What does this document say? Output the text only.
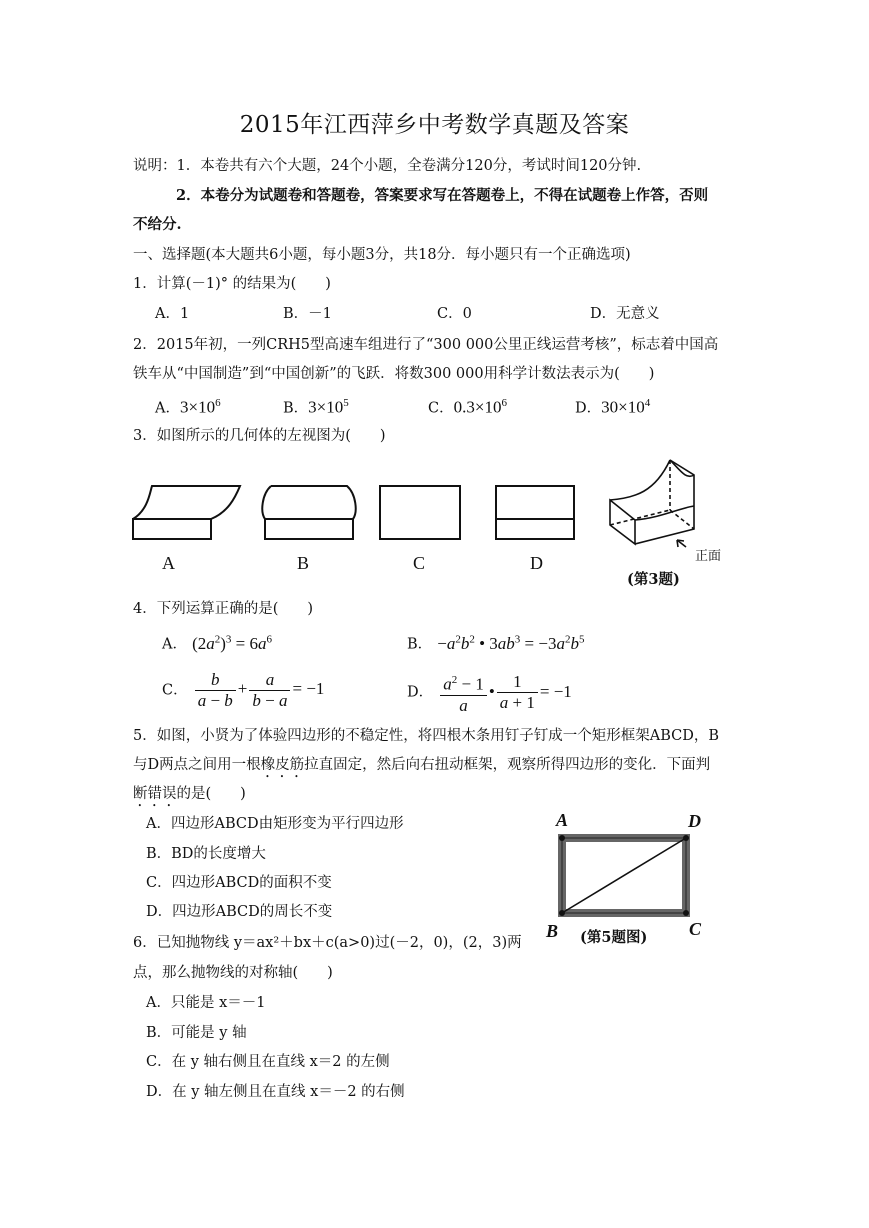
2015年江西萍乡中考数学真题及答案
说明：1．本卷共有六个大题，24个小题，全卷满分120分，考试时间120分钟.
2．本卷分为试题卷和答题卷，答案要求写在答题卷上，不得在试题卷上作答，否则
不给分.
一、选择题(本大题共6小题，每小题3分，共18分．每小题只有一个正确选项)
1．计算(－1)° 的结果为(　　)
A．1	B．－1	C．0	D．无意义
2．2015年初，一列CRH5型高速车组进行了“300 000公里正线运营考核”，标志着中国高
铁车从“中国制造”到“中国创新”的飞跃．将数300 000用科学计数法表示为(　　)
A．$3\times 10^6$	B．$3\times 10^5$	C．$0.3\times 10^6$	D．$30\times 10^4$
3．如图所示的几何体的左视图为(　　)
A	B	C	D	正面
(第3题)
4．下列运算正确的是(　　)
A． $(2a^2)^3 = 6a^6$	B． $-a^2b^2$ • $3ab^3 = -3a^2b^5$
C． $\frac{b}{a - b} + \frac{a}{b - a} = -1$	D． $\frac{a^2 - 1}{a}$ • $\frac{1}{a + 1} = -1$
5．如图，小贤为了体验四边形的不稳定性，将四根木条用钉子钉成一个矩形框架ABCD，B
与D两点之间用一根橡皮筋拉直固定，然后向右扭动框架，观察所得四边形的变化．下面判
断错误的是(　　)
A．四边形ABCD由矩形变为平行四边形
B．BD的长度增大
C．四边形ABCD的面积不变
D．四边形ABCD的周长不变
A	D
B	C
(第5题图)
6．已知抛物线 y＝ax²＋bx＋c(a>0)过(－2，0)，(2，3)两
点，那么抛物线的对称轴(　　)
A．只能是 x＝－1
B．可能是 y 轴
C．在 y 轴右侧且在直线 x＝2 的左侧
D．在 y 轴左侧且在直线 x＝－2 的右侧
